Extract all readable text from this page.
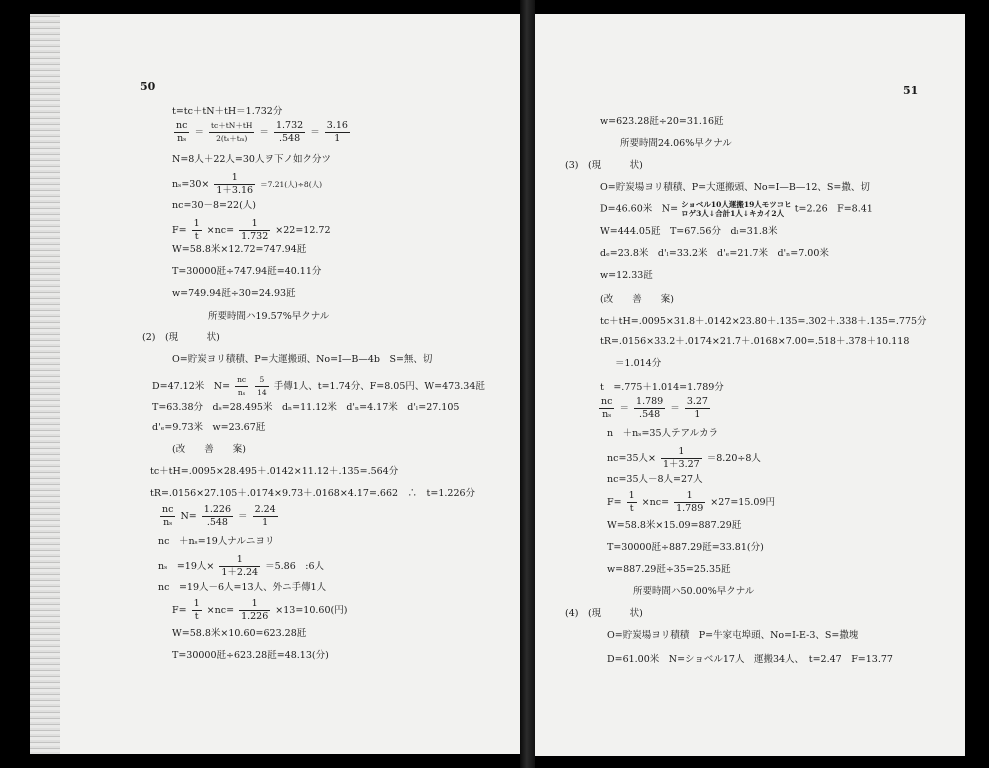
50
t=tc＋tN＋tH＝1.732分
$\frac{nc}{\text{nₛ}} = \frac{tc+tN+tH}{\text{2(tₛ＋tₘ)}} = \frac{1.732}{.548} = \frac{3.16}{1}$
N=8人＋22人=30人ヲ下ノ如ク分ツ
$n_s=30\times \frac{1}{1+3.16} =7.21$(人)÷8(人)
nc=30－8=22(人)
$F= \frac{1}{t} \times nc= \frac{1}{1.732} \times 22=12.72$
W=58.8米×12.72=747.94瓩
T=30000瓩÷747.94瓩=40.11分
w=749.94瓩÷30=24.93瓩
所要時間ハ19.57%早クナル
(2)　(現　　　状)
O=貯炭ヨリ積積、P=大運搬頭、No=I—B—4b　S=無、切
D=47.12米　$N= \frac{nc}{\text{nₛ}}$
$\frac{5}{14}$ 手傳1人、t=1.74分、F=8.05円、W=473.34瓩
T=63.38分　dₛ=28.495米　dₙ=11.12米　d'ₙ=4.17米　d'ₗ=27.105
d'ₑ=9.73米　w=23.67瓩
(改　　善　　案)
tc＋tH=.0095×28.495＋.0142×11.12＋.135=.564分
tR=.0156×27.105＋.0174×9.73＋.0168×4.17=.662　∴　t=1.226分
$\frac{nc}{\text{nₛ}} N= \frac{1.226}{.548} = \frac{2.24}{1}$
nc　＋nₛ=19人ナルニヨリ
nₛ　=19人× $\frac{1}{1+2.24} =5.86$　:6人
nc　=19人－6人=13人、外ニ手傳1人
$F= \frac{1}{t} \times nc= \frac{1}{1.226} \times 13=10.60$(円)
W=58.8米×10.60=623.28瓩
T=30000瓩÷623.28瓩=48.13(分)
51
w=623.28瓩÷20=31.16瓩
所要時間24.06%早クナル
(3)　(現　　　状)
O=貯炭場ヨリ積積、P=大運搬頭、No=I—B—12、S=撒、切
D=46.60米　N= ショベル10人運搬19人モツコヒ
ロゲ3人↓合計1人↓キカイ2人	t=2.26　F=8.41
W=444.05瓩　T=67.56分　dₗ=31.8米
dₑ=23.8米　d'ₗ=33.2米　d'ₑ=21.7米　d'ₙ=7.00米
w=12.33瓩
(改　　善　　案)
tc＋tH=.0095×31.8＋.0142×23.80＋.135=.302＋.338＋.135=.775分
tR=.0156×33.2＋.0174×21.7＋.0168×7.00=.518＋.378＋10.118
＝1.014分
t　=.775＋1.014=1.789分
$\frac{nc}{\text{nₛ}} = \frac{1.789}{.548} = \frac{3.27}{1}$
n　＋nₛ=35人テアルカラ
nc=35人× $\frac{1}{1+3.27} =8.20\div 8$人
nc=35人－8人=27人
$F= \frac{1}{t} \times nc= \frac{1}{1.789} \times 27=15.09$円
W=58.8米×15.09=887.29瓩
T=30000瓩÷887.29瓩=33.81(分)
w=887.29瓩÷35=25.35瓩
所要時間ハ50.00%早クナル
(4)　(現　　　状)
O=貯炭場ヨリ積積　P=牛家屯埠頭、No=I-E-3、S=撒塊
D=61.00米　N=ショベル17人　運搬34人、　t=2.47　F=13.77
